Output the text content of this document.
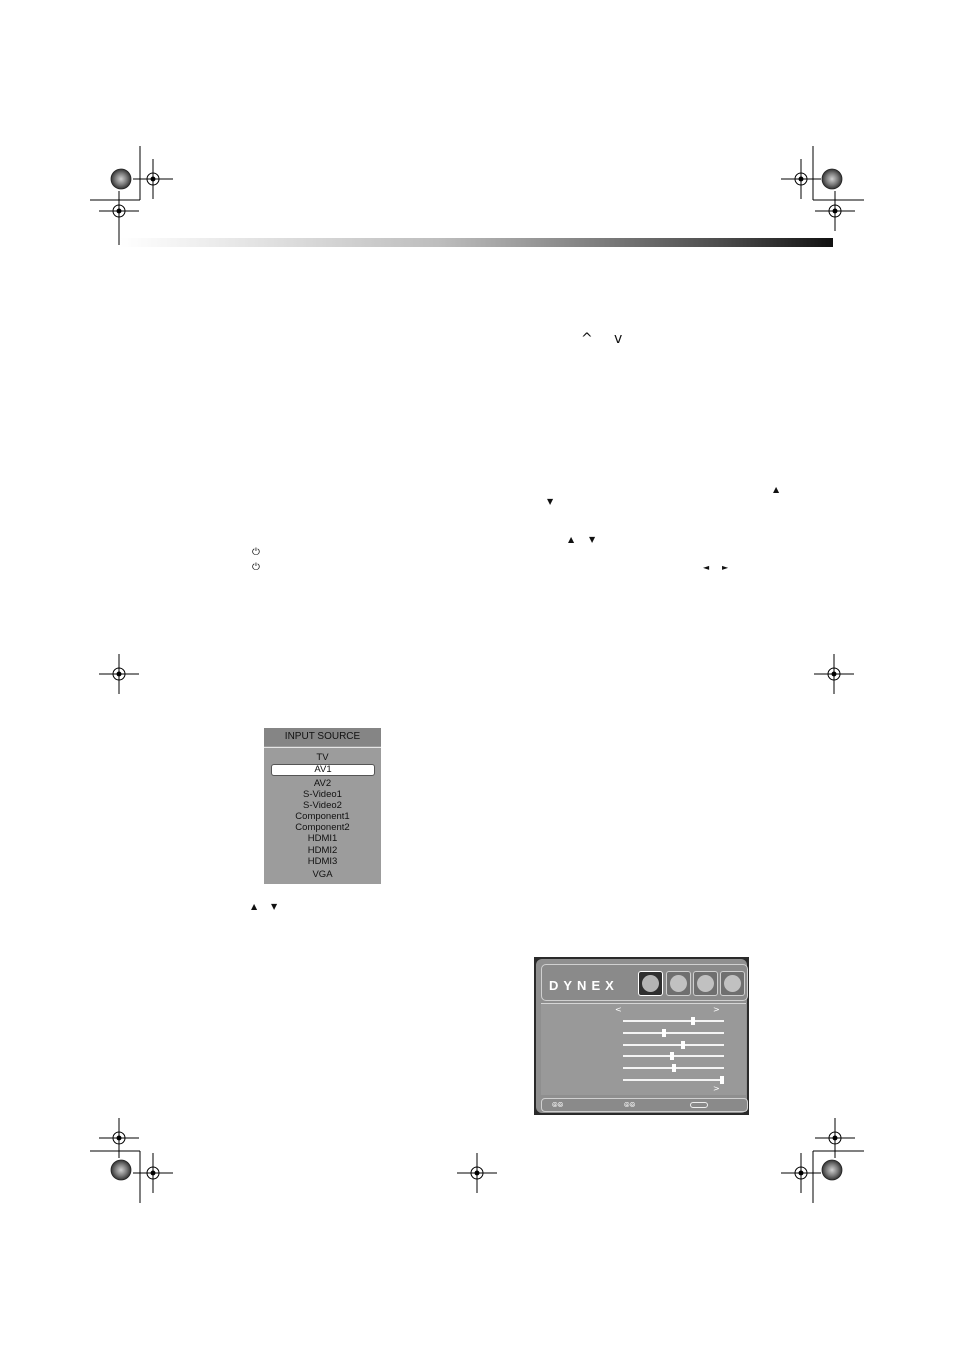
^ v
▲
▼
▲ ▼
⏻
⏻	◄ ►
▲ ▼
INPUT SOURCE
TV
AV1
AV2
S-Video1
S-Video2
Component1
Component2
HDMI1
HDMI2
HDMI3
VGA
DYNEX
<	>
>
⦾⦾	⦾⦾
